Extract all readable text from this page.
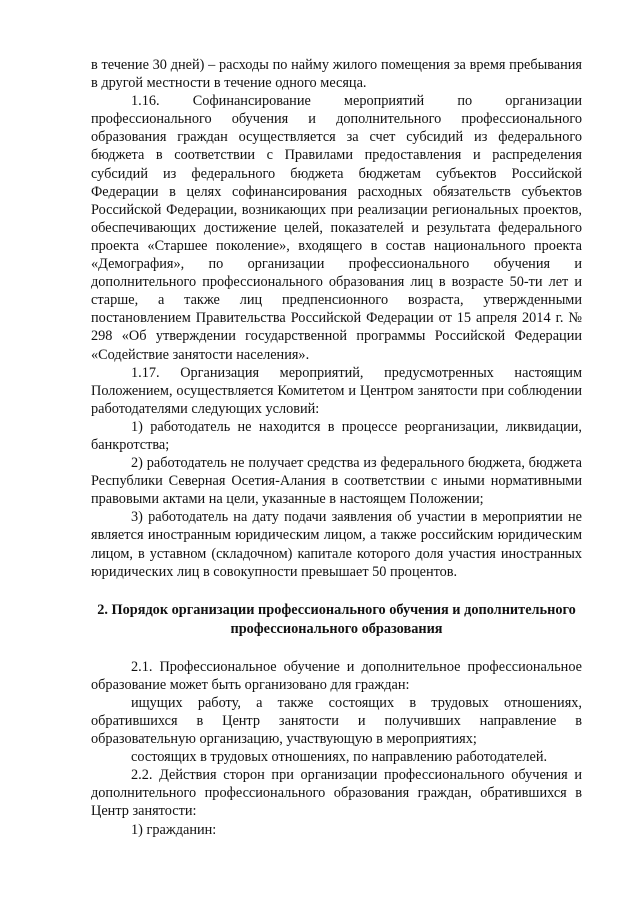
в течение 30 дней) – расходы по найму жилого помещения за время пребывания в другой местности в течение одного месяца.

1.16. Софинансирование мероприятий по организации профессионального обучения и дополнительного профессионального образования граждан осуществляется за счет субсидий из федерального бюджета в соответствии с Правилами предоставления и распределения субсидий из федерального бюджета бюджетам субъектов Российской Федерации в целях софинансирования расходных обязательств субъектов Российской Федерации, возникающих при реализации региональных проектов, обеспечивающих достижение целей, показателей и результата федерального проекта «Старшее поколение», входящего в состав национального проекта «Демография», по организации профессионального обучения и дополнительного профессионального образования лиц в возрасте 50-ти лет и старше, а также лиц предпенсионного возраста, утвержденными постановлением Правительства Российской Федерации от 15 апреля 2014 г. № 298 «Об утверждении государственной программы Российской Федерации «Содействие занятости населения».

1.17. Организация мероприятий, предусмотренных настоящим Положением, осуществляется Комитетом и Центром занятости при соблюдении работодателями следующих условий:

1) работодатель не находится в процессе реорганизации, ликвидации, банкротства;

2) работодатель не получает средства из федерального бюджета, бюджета Республики Северная Осетия-Алания в соответствии с иными нормативными правовыми актами на цели, указанные в настоящем Положении;

3) работодатель на дату подачи заявления об участии в мероприятии не является иностранным юридическим лицом, а также российским юридическим лицом, в уставном (складочном) капитале которого доля участия иностранных юридических лиц в совокупности превышает 50 процентов.

2. Порядок организации профессионального обучения и дополнительного профессионального образования

2.1. Профессиональное обучение и дополнительное профессиональное образование может быть организовано для граждан:

ищущих работу, а также состоящих в трудовых отношениях, обратившихся в Центр занятости и получивших направление в образовательную организацию, участвующую в мероприятиях;

состоящих в трудовых отношениях, по направлению работодателей.

2.2. Действия сторон при организации профессионального обучения и дополнительного профессионального образования граждан, обратившихся в Центр занятости:

1) гражданин:
